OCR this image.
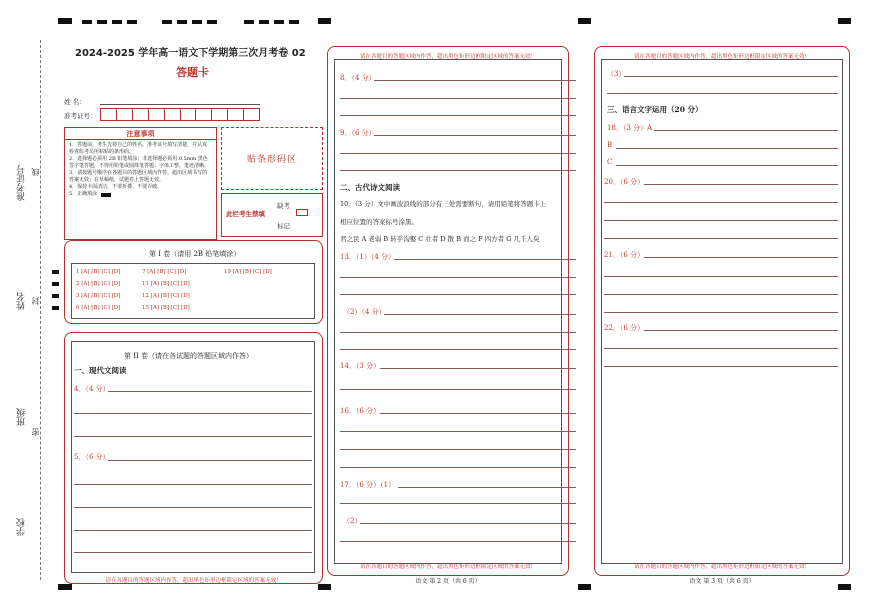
准考证号 线
姓名 封
班级
密
学校
2024-2025 学年高一语文下学期第三次月考卷 02
答题卡
姓 名：
准考证号：
注意事项
1．答题前，考生先将自己的姓名、准考证号填写清楚，并认真检查监考员所粘贴的条形码。
2．选择题必须用 2B 铅笔填涂；非选择题必须用 0.5mm 黑色签字笔答题，不得用铅笔或圆珠笔答题；字体工整、笔迹清晰。
3．请按题号顺序在各题目的答题区域内作答，超出区域书写的答案无效；在草稿纸、试题卷上答题无效。
4．保持卡面清洁，不要折叠、不要弄破。
5．正确填涂
贴条形码区
此栏考生禁填
缺考
标记
第 I 卷（请用 2B 铅笔填涂）
1 [A] [B] [C] [D]
2 [A] [B] [C] [D]
3 [A] [B] [C] [D]
6 [A] [B] [C] [D]
7 [A] [B] [C] [D]
11 [A] [B] [C] [D]
12 [A] [B] [C] [D]
15 [A] [B] [C] [D]
19 [A] [B] [C] [D]
第 II 卷（请在各试题的答题区域内作答）
一、现代文阅读
4．（4 分）
5．（6 分）
请在各题目的答题区域内作答，超出黑色矩形边框限定区域的答案无效！
请在各题目的答题区域内作答，超出黑色矩形边框限定区域的答案无效！
8．（4 分）
9．（6 分）
二、古代诗文阅读
10．（3 分）文中画波浪线的部分有三处需要断句，请用铅笔将答题卡上
相应位置的答案标号涂黑。
君之民 A 老弱 B 转乎沟壑 C 壮者 D 散 B 而之 F 四方者 G 几千人矣
13．（1）（4 分）
（2）（4 分）
14．（3 分）
16．（6 分）
17．（6 分）（1）
（2）
请在各题目的答题区域内作答，超出黑色矩形边框限定区域的答案无效！
语文 第 2 页（共 6 页）
请在各题目的答题区域内作答，超出黑色矩形边框限定区域的答案无效！
（3）
三、语言文字运用（20 分）
18．（3 分）A
B
C
20．（6 分）
21．（6 分）
22．（6 分）
请在各题目的答题区域内作答，超出黑色矩形边框限定区域的答案无效！
语文 第 3 页（共 6 页）
